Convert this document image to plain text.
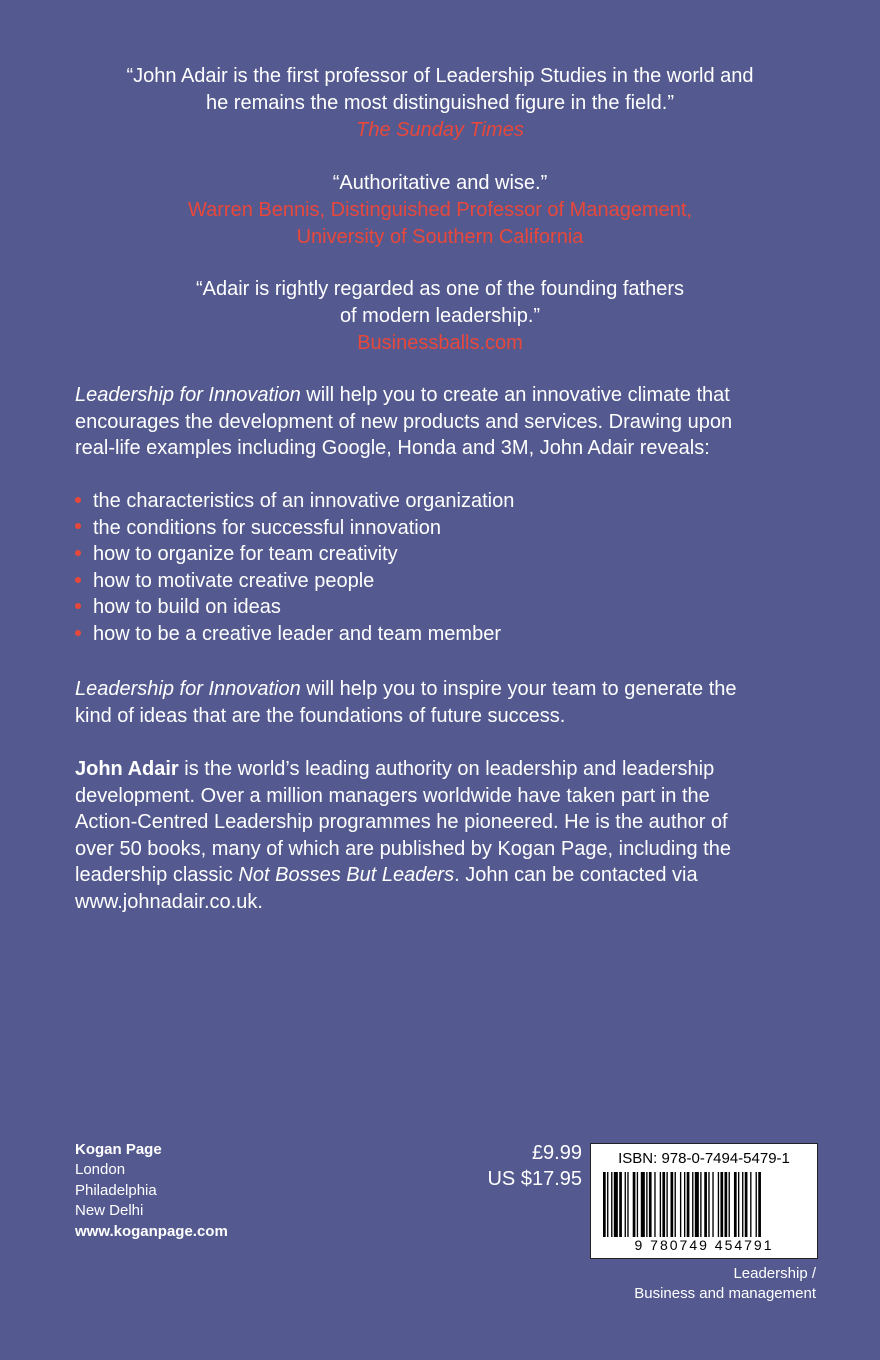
“John Adair is the first professor of Leadership Studies in the world and
he remains the most distinguished figure in the field.”
The Sunday Times
“Authoritative and wise.”
Warren Bennis, Distinguished Professor of Management,
University of Southern California
“Adair is rightly regarded as one of the founding fathers
of modern leadership.”
Businessballs.com
Leadership for Innovation will help you to create an innovative climate that
encourages the development of new products and services. Drawing upon
real-life examples including Google, Honda and 3M, John Adair reveals:
the characteristics of an innovative organization
the conditions for successful innovation
how to organize for team creativity
how to motivate creative people
how to build on ideas
how to be a creative leader and team member
Leadership for Innovation will help you to inspire your team to generate the
kind of ideas that are the foundations of future success.
John Adair is the world’s leading authority on leadership and leadership
development. Over a million managers worldwide have taken part in the
Action-Centred Leadership programmes he pioneered. He is the author of
over 50 books, many of which are published by Kogan Page, including the
leadership classic Not Bosses But Leaders. John can be contacted via
www.johnadair.co.uk.
Kogan Page
London
Philadelphia
New Delhi
www.koganpage.com
£9.99
US $17.95
ISBN: 978-0-7494-5479-1
9 780749 454791
Leadership /
Business and management
